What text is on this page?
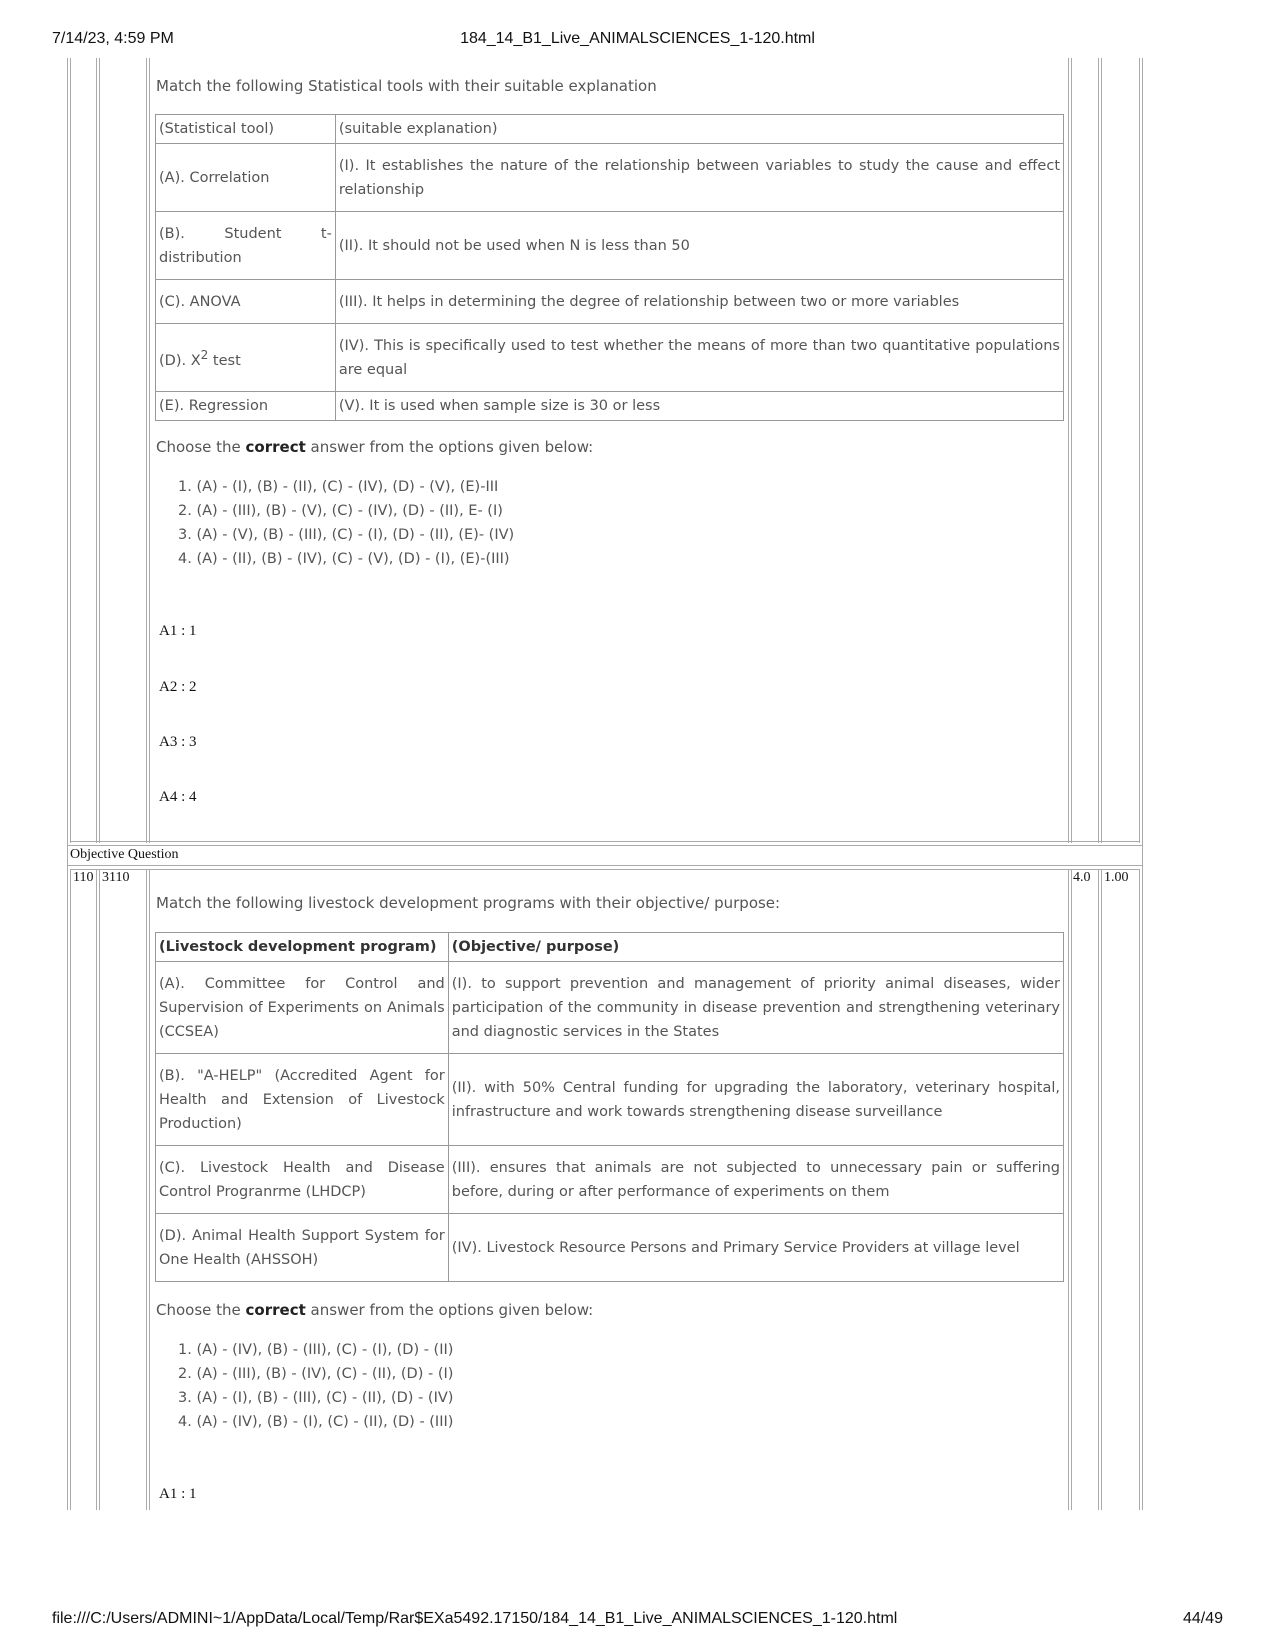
7/14/23, 4:59 PM	184_14_B1_Live_ANIMALSCIENCES_1-120.html
Match the following Statistical tools with their suitable explanation
(Statistical tool)	(suitable explanation)
(A). Correlation	(I). It establishes the nature of the relationship between variables to study the cause and effect relationship
(B). Student t-distribution	(II). It should not be used when N is less than 50
(C). ANOVA	(III). It helps in determining the degree of relationship between two or more variables
(D). $X^2$ test	(IV). This is specifically used to test whether the means of more than two quantitative populations are equal
(E). Regression	(V). It is used when sample size is 30 or less
Choose the correct answer from the options given below:
1. (A) - (I), (B) - (II), (C) - (IV), (D) - (V), (E)-III
2. (A) - (III), (B) - (V), (C) - (IV), (D) - (II), E- (I)
3. (A) - (V), (B) - (III), (C) - (I), (D) - (II), (E)- (IV)
4. (A) - (II), (B) - (IV), (C) - (V), (D) - (I), (E)-(III)
A1 : 1
A2 : 2
A3 : 3
A4 : 4
Objective Question
110 3110	4.0 1.00
Match the following livestock development programs with their objective/ purpose:
(Livestock development program)	(Objective/ purpose)
(A). Committee for Control and Supervision of Experiments on Animals (CCSEA)	(I). to support prevention and management of priority animal diseases, wider participation of the community in disease prevention and strengthening veterinary and diagnostic services in the States
(B). "A-HELP" (Accredited Agent for Health and Extension of Livestock Production)	(II). with 50% Central funding for upgrading the laboratory, veterinary hospital, infrastructure and work towards strengthening disease surveillance
(C). Livestock Health and Disease Control Progranrme (LHDCP)	(III). ensures that animals are not subjected to unnecessary pain or suffering before, during or after performance of experiments on them
(D). Animal Health Support System for One Health (AHSSOH)	(IV). Livestock Resource Persons and Primary Service Providers at village level
Choose the correct answer from the options given below:
1. (A) - (IV), (B) - (III), (C) - (I), (D) - (II)
2. (A) - (III), (B) - (IV), (C) - (II), (D) - (I)
3. (A) - (I), (B) - (III), (C) - (II), (D) - (IV)
4. (A) - (IV), (B) - (I), (C) - (II), (D) - (III)
A1 : 1
file:///C:/Users/ADMINI~1/AppData/Local/Temp/Rar$EXa5492.17150/184_14_B1_Live_ANIMALSCIENCES_1-120.html	44/49
